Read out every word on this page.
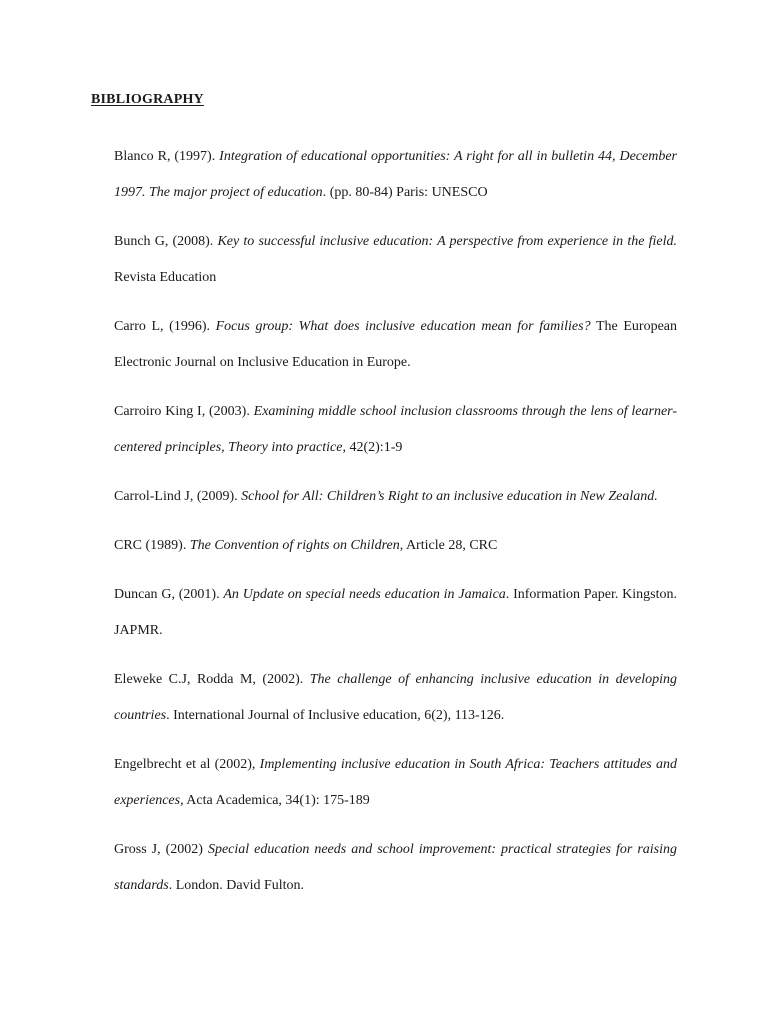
BIBLIOGRAPHY
Blanco R, (1997). Integration of educational opportunities: A right for all in bulletin 44, December 1997. The major project of education. (pp. 80-84) Paris: UNESCO
Bunch G, (2008). Key to successful inclusive education: A perspective from experience in the field. Revista Education
Carro L, (1996). Focus group: What does inclusive education mean for families? The European Electronic Journal on Inclusive Education in Europe.
Carroiro King I, (2003). Examining middle school inclusion classrooms through the lens of learner-centered principles, Theory into practice, 42(2):1-9
Carrol-Lind J, (2009). School for All: Children’s Right to an inclusive education in New Zealand.
CRC (1989). The Convention of rights on Children, Article 28, CRC
Duncan G, (2001). An Update on special needs education in Jamaica. Information Paper. Kingston. JAPMR.
Eleweke C.J, Rodda M, (2002). The challenge of enhancing inclusive education in developing countries. International Journal of Inclusive education, 6(2), 113-126.
Engelbrecht et al (2002), Implementing inclusive education in South Africa: Teachers attitudes and experiences, Acta Academica, 34(1): 175-189
Gross J, (2002) Special education needs and school improvement: practical strategies for raising standards. London. David Fulton.
